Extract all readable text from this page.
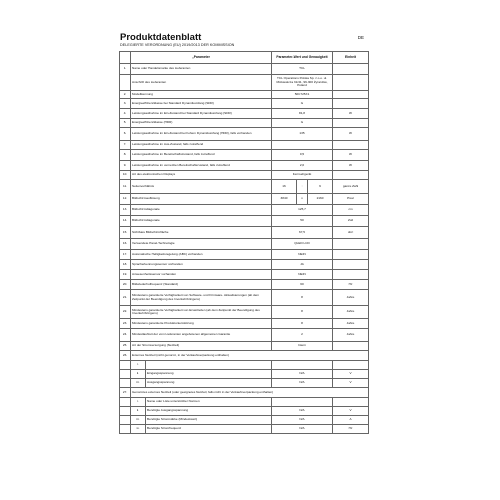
Produktdatenblatt	DE
DELEGIERTE VERORDNUNG (EU) 2019/2013 DER KOMMISSION
	„Parameter		Parameter-Wert und Genauigkeit			Einheit
1.	Name oder Handelsmarke des Lieferanten		TCL			
	Anschrift des Lieferanten		TCL Operations Polska Sp. z o.o. ul. Mickiewicza 31/41, 96-300 Żyrardów, Poland			
2.	Modellkennung		50C725X1			
3.	Energieeffizienzklasse bei Standard Dynamikumfang (SDR)		G			
4.	Leistungsaufnahme im Ein-Zustand bei Standard Dynamikumfang (SDR)		81,8			W
5.	Energieeffizienzklasse (HDR)		G			
6.	Leistungsaufnahme im Ein-Zustand bei hohem Dynamikumfang (HDR), falls vorhanden		135			W
7.	Leistungsaufnahme im Aus-Zustand, falls zutreffend					
8.	Leistungsaufnahme im Bereitschaftszustand, falls zutreffend		0,5			W
9.	Leistungsaufnahme im vernetzten Bereitschaftszustand, falls zutreffend		2,0			W
10.	Art des elektronischen Displays		Fernsehgerät			
11.	Seitenverhältnis		16	:	9	ganze Zahl
12.	Bildschirmauflösung		3840	x	2160	Pixel
13.	Bildschirmdiagonale		125,7			cm
14.	Bildschirmdiagonale		50			Zoll
15.	Sichtbare Bildschirmfläche		67,5			dm²
16.	Verwendete Panel-Technologie		QLED LCD			
17.	Automatische Helligkeitsregelung (ABC) vorhanden		NEIN			
18.	Spracherkennungssensor vorhanden		JA			
19.	Anwesenheitssensor vorhanden		NEIN			
20.	Bildwiederholfrequenz (Standard)		60			Hz
21.	Mindestens garantierte Verfügbarkeit von Software- und Firmware- Aktualisierungen (ab dem Zeitpunkt der Beendigung des Inverkehrbringens)		8			Jahre
22.	Mindestens garantierte Verfügbarkeit von Ersatzteilen (ab dem Zeitpunkt der Beendigung des Inverkehrbringens)		8			Jahre
23.	Mindestens garantierte Produktunterstützung		8			Jahre
24.	Mindestlaufzeit der vom Lieferanten angebotenen allgemeinen Garantie		2			Jahre
25.	Art der Stromversorgung (Netzteil)		Intern			
26.	Externes Netzteil (nicht genormt, in der Verkaufsverpackung enthalten)					
	i.					
	ii.	Eingangsspannung	N/A			V
	iii.	Ausgangsspannung	N/A			V
27.	Genormtes externes Netzteil (oder geeignetes Netzteil, falls nicht in der Verkaufsverpackung enthalten)					
	i.	Name oder Liste unterstützter Normen				
	ii.	Benötigte Ausgangsspannung	N/A			V
	iii.	Benötigte Stromstärke (Mindestwert)	N/A			A
	iv.	Benötigte Stromfrequenz	N/A			Hz
